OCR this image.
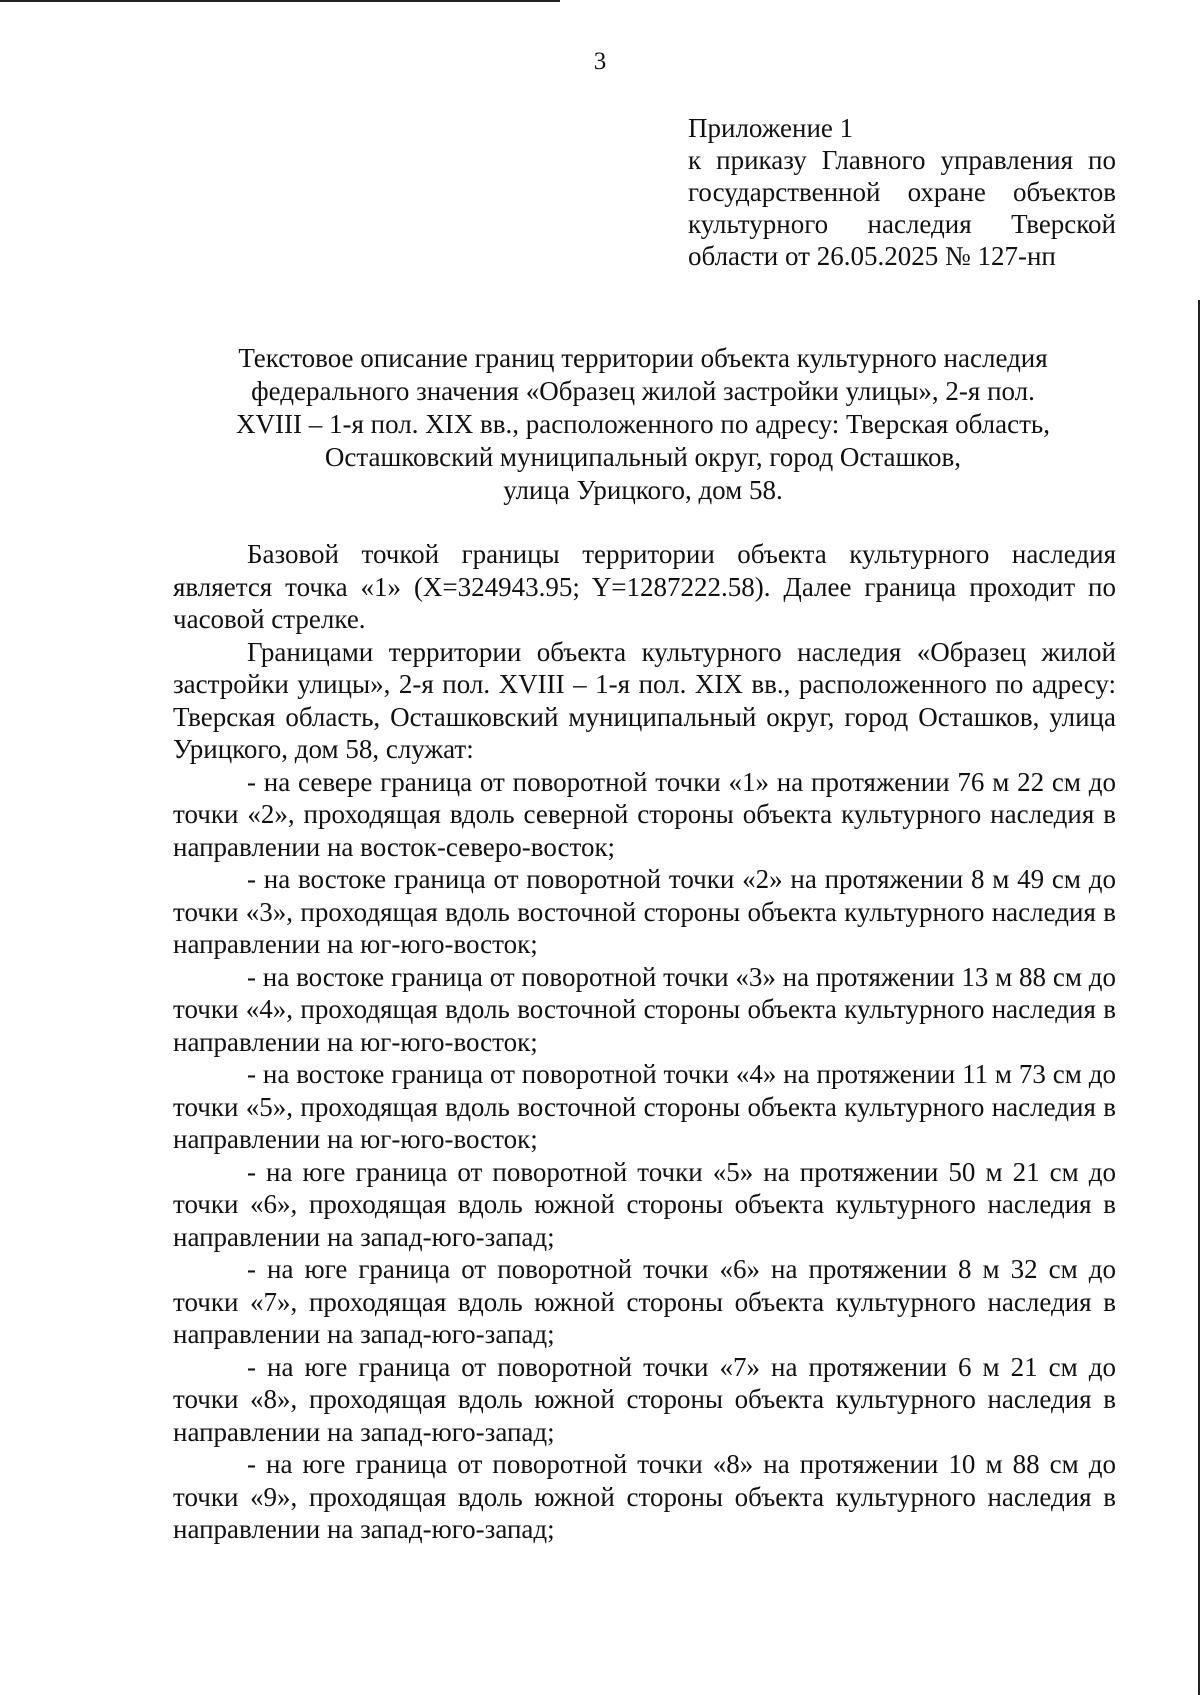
3
Приложение 1
к приказу Главного управления по
государственной охране объектов
культурного наследия Тверской
области от 26.05.2025 № 127-нп
Текстовое описание границ территории объекта культурного наследия
федерального значения «Образец жилой застройки улицы», 2-я пол.
XVIII – 1-я пол. XIX вв., расположенного по адресу: Тверская область,
Осташковский муниципальный округ, город Осташков,
улица Урицкого, дом 58.

Базовой точкой границы территории объекта культурного наследия является точка «1» (X=324943.95; Y=1287222.58). Далее граница проходит по часовой стрелке.

Границами территории объекта культурного наследия «Образец жилой застройки улицы», 2-я пол. XVIII – 1-я пол. XIX вв., расположенного по адресу: Тверская область, Осташковский муниципальный округ, город Осташков, улица Урицкого, дом 58, служат:

- на севере граница от поворотной точки «1» на протяжении 76 м 22 см до точки «2», проходящая вдоль северной стороны объекта культурного наследия в направлении на восток-северо-восток;

- на востоке граница от поворотной точки «2» на протяжении 8 м 49 см до точки «3», проходящая вдоль восточной стороны объекта культурного наследия в направлении на юг-юго-восток;

- на востоке граница от поворотной точки «3» на протяжении 13 м 88 см до точки «4», проходящая вдоль восточной стороны объекта культурного наследия в направлении на юг-юго-восток;

- на востоке граница от поворотной точки «4» на протяжении 11 м 73 см до точки «5», проходящая вдоль восточной стороны объекта культурного наследия в направлении на юг-юго-восток;

- на юге граница от поворотной точки «5» на протяжении 50 м 21 см до точки «6», проходящая вдоль южной стороны объекта культурного наследия в направлении на запад-юго-запад;

- на юге граница от поворотной точки «6» на протяжении 8 м 32 см до точки «7», проходящая вдоль южной стороны объекта культурного наследия в направлении на запад-юго-запад;

- на юге граница от поворотной точки «7» на протяжении 6 м 21 см до точки «8», проходящая вдоль южной стороны объекта культурного наследия в направлении на запад-юго-запад;

- на юге граница от поворотной точки «8» на протяжении 10 м 88 см до точки «9», проходящая вдоль южной стороны объекта культурного наследия в направлении на запад-юго-запад;
